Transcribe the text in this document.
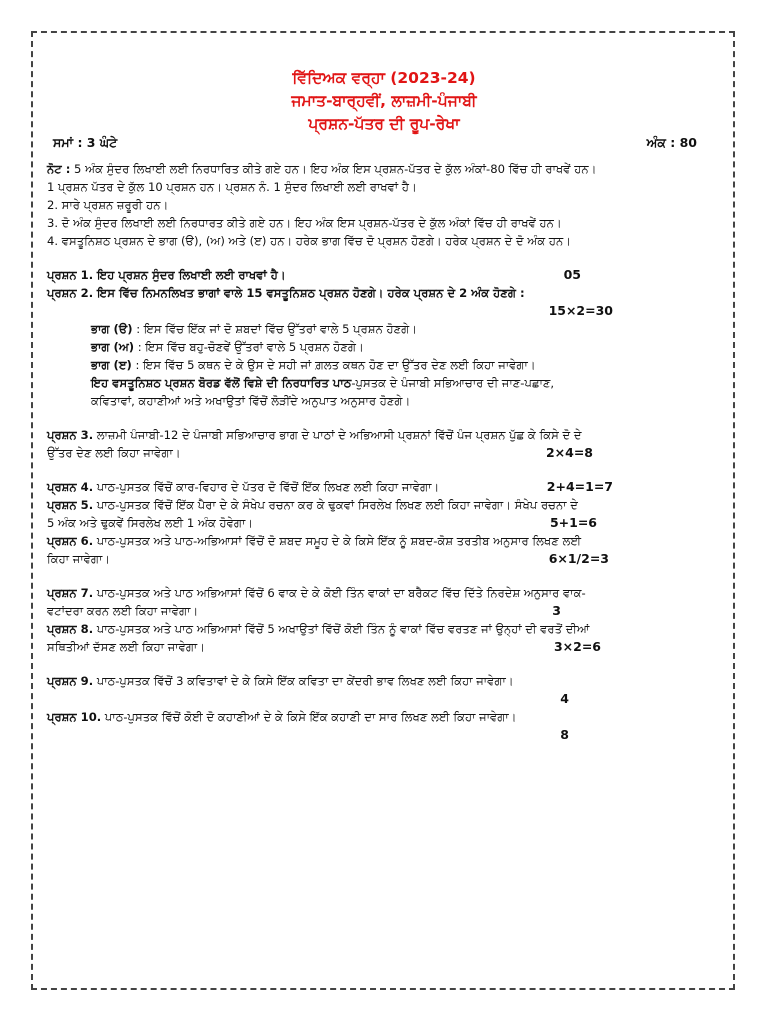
ਵਿੱਦਿਅਕ ਵਰ੍ਹਾ (2023-24)
ਜਮਾਤ-ਬਾਰ੍ਹਵੀਂ, ਲਾਜ਼ਮੀ-ਪੰਜਾਬੀ
ਪ੍ਰਸ਼ਨ-ਪੱਤਰ ਦੀ ਰੂਪ-ਰੇਖਾ
ਸਮਾਂ : 3 ਘੰਟੇ	ਅੰਕ : 80
ਨੋਟ : 5 ਅੰਕ ਸੁੰਦਰ ਲਿਖਾਈ ਲਈ ਨਿਰਧਾਰਿਤ ਕੀਤੇ ਗਏ ਹਨ। ਇਹ ਅੰਕ ਇਸ ਪ੍ਰਸ਼ਨ-ਪੱਤਰ ਦੇ ਕੁੱਲ ਅੰਕਾਂ-80 ਵਿੱਚ ਹੀ ਰਾਖਵੇਂ ਹਨ।
1 ਪ੍ਰਸ਼ਨ ਪੱਤਰ ਦੇ ਕੁੱਲ 10 ਪ੍ਰਸ਼ਨ ਹਨ। ਪ੍ਰਸ਼ਨ ਨੰ. 1 ਸੁੰਦਰ ਲਿਖਾਈ ਲਈ ਰਾਖਵਾਂ ਹੈ।
2. ਸਾਰੇ ਪ੍ਰਸ਼ਨ ਜ਼ਰੂਰੀ ਹਨ।
3. ਦੋ ਅੰਕ ਸੁੰਦਰ ਲਿਖਾਈ ਲਈ ਨਿਰਧਾਰਤ ਕੀਤੇ ਗਏ ਹਨ। ਇਹ ਅੰਕ ਇਸ ਪ੍ਰਸ਼ਨ-ਪੱਤਰ ਦੇ ਕੁੱਲ ਅੰਕਾਂ ਵਿੱਚ ਹੀ ਰਾਖਵੇਂ ਹਨ।
4. ਵਸਤੂਨਿਸ਼ਠ ਪ੍ਰਸ਼ਨ ਦੇ ਭਾਗ (ੳ), (ਅ) ਅਤੇ (ੲ) ਹਨ। ਹਰੇਕ ਭਾਗ ਵਿੱਚ ਦੋ ਪ੍ਰਸ਼ਨ ਹੋਣਗੇ। ਹਰੇਕ ਪ੍ਰਸ਼ਨ ਦੇ ਦੋ ਅੰਕ ਹਨ।
ਪ੍ਰਸ਼ਨ 1. ਇਹ ਪ੍ਰਸ਼ਨ ਸੁੰਦਰ ਲਿਖਾਈ ਲਈ ਰਾਖਵਾਂ ਹੈ।	05
ਪ੍ਰਸ਼ਨ 2. ਇਸ ਵਿੱਚ ਨਿਮਨਲਿਖਤ ਭਾਗਾਂ ਵਾਲੇ 15 ਵਸਤੂਨਿਸ਼ਠ ਪ੍ਰਸ਼ਨ ਹੋਣਗੇ। ਹਰੇਕ ਪ੍ਰਸ਼ਨ ਦੇ 2 ਅੰਕ ਹੋਣਗੇ :
15×2=30
ਭਾਗ (ੳ) : ਇਸ ਵਿੱਚ ਇੱਕ ਜਾਂ ਦੋ ਸ਼ਬਦਾਂ ਵਿੱਚ ਉੱਤਰਾਂ ਵਾਲੇ 5 ਪ੍ਰਸ਼ਨ ਹੋਣਗੇ।
ਭਾਗ (ਅ) : ਇਸ ਵਿੱਚ ਬਹੁ-ਚੋਣਵੇਂ ਉੱਤਰਾਂ ਵਾਲੇ 5 ਪ੍ਰਸ਼ਨ ਹੋਣਗੇ।
ਭਾਗ (ੲ) : ਇਸ ਵਿੱਚ 5 ਕਥਨ ਦੇ ਕੇ ਉਸ ਦੇ ਸਹੀ ਜਾਂ ਗ਼ਲਤ ਕਥਨ ਹੋਣ ਦਾ ਉੱਤਰ ਦੇਣ ਲਈ ਕਿਹਾ ਜਾਵੇਗਾ।
ਇਹ ਵਸਤੂਨਿਸ਼ਠ ਪ੍ਰਸ਼ਨ ਬੋਰਡ ਵੱਲੋਂ ਵਿਸ਼ੇ ਦੀ ਨਿਰਧਾਰਿਤ ਪਾਠ-ਪੁਸਤਕ ਦੇ ਪੰਜਾਬੀ ਸਭਿਆਚਾਰ ਦੀ ਜਾਣ-ਪਛਾਣ,
ਕਵਿਤਾਵਾਂ, ਕਹਾਣੀਆਂ ਅਤੇ ਅਖਾਉਤਾਂ ਵਿੱਚੋਂ ਲੋੜੀਂਦੇ ਅਨੁਪਾਤ ਅਨੁਸਾਰ ਹੋਣਗੇ।
ਪ੍ਰਸ਼ਨ 3. ਲਾਜ਼ਮੀ ਪੰਜਾਬੀ-12 ਦੇ ਪੰਜਾਬੀ ਸਭਿਆਚਾਰ ਭਾਗ ਦੇ ਪਾਠਾਂ ਦੇ ਅਭਿਆਸੀ ਪ੍ਰਸ਼ਨਾਂ ਵਿੱਚੋਂ ਪੰਜ ਪ੍ਰਸ਼ਨ ਪੁੱਛ ਕੇ ਕਿਸੇ ਦੋ ਦੇ
ਉੱਤਰ ਦੇਣ ਲਈ ਕਿਹਾ ਜਾਵੇਗਾ।	2×4=8
ਪ੍ਰਸ਼ਨ 4. ਪਾਠ-ਪੁਸਤਕ ਵਿੱਚੋਂ ਕਾਰ-ਵਿਹਾਰ ਦੇ ਪੱਤਰ ਦੋ ਵਿੱਚੋਂ ਇੱਕ ਲਿਖਣ ਲਈ ਕਿਹਾ ਜਾਵੇਗਾ।	2+4=1=7
ਪ੍ਰਸ਼ਨ 5. ਪਾਠ-ਪੁਸਤਕ ਵਿੱਚੋਂ ਇੱਕ ਪੈਰਾ ਦੇ ਕੇ ਸੰਖੇਪ ਰਚਨਾ ਕਰ ਕੇ ਢੁਕਵਾਂ ਸਿਰਲੇਖ ਲਿਖਣ ਲਈ ਕਿਹਾ ਜਾਵੇਗਾ। ਸੰਖੇਪ ਰਚਨਾ ਦੇ
5 ਅੰਕ ਅਤੇ ਢੁਕਵੇਂ ਸਿਰਲੇਖ ਲਈ 1 ਅੰਕ ਹੋਵੇਗਾ।	5+1=6
ਪ੍ਰਸ਼ਨ 6. ਪਾਠ-ਪੁਸਤਕ ਅਤੇ ਪਾਠ-ਅਭਿਆਸਾਂ ਵਿੱਚੋਂ ਦੋ ਸ਼ਬਦ ਸਮੂਹ ਦੇ ਕੇ ਕਿਸੇ ਇੱਕ ਨੂੰ ਸ਼ਬਦ-ਕੋਸ਼ ਤਰਤੀਬ ਅਨੁਸਾਰ ਲਿਖਣ ਲਈ
ਕਿਹਾ ਜਾਵੇਗਾ।	6×1/2=3
ਪ੍ਰਸ਼ਨ 7. ਪਾਠ-ਪੁਸਤਕ ਅਤੇ ਪਾਠ ਅਭਿਆਸਾਂ ਵਿੱਚੋਂ 6 ਵਾਕ ਦੇ ਕੇ ਕੋਈ ਤਿੰਨ ਵਾਕਾਂ ਦਾ ਬਰੈਕਟ ਵਿੱਚ ਦਿੱਤੇ ਨਿਰਦੇਸ਼ ਅਨੁਸਾਰ ਵਾਕ-
ਵਟਾਂਦਰਾ ਕਰਨ ਲਈ ਕਿਹਾ ਜਾਵੇਗਾ।	3
ਪ੍ਰਸ਼ਨ 8. ਪਾਠ-ਪੁਸਤਕ ਅਤੇ ਪਾਠ ਅਭਿਆਸਾਂ ਵਿੱਚੋਂ 5 ਅਖਾਉਤਾਂ ਵਿੱਚੋਂ ਕੋਈ ਤਿੰਨ ਨੂੰ ਵਾਕਾਂ ਵਿੱਚ ਵਰਤਣ ਜਾਂ ਉਨ੍ਹਾਂ ਦੀ ਵਰਤੋਂ ਦੀਆਂ
ਸਥਿਤੀਆਂ ਦੱਸਣ ਲਈ ਕਿਹਾ ਜਾਵੇਗਾ।	3×2=6
ਪ੍ਰਸ਼ਨ 9. ਪਾਠ-ਪੁਸਤਕ ਵਿੱਚੋਂ 3 ਕਵਿਤਾਵਾਂ ਦੇ ਕੇ ਕਿਸੇ ਇੱਕ ਕਵਿਤਾ ਦਾ ਕੇਂਦਰੀ ਭਾਵ ਲਿਖਣ ਲਈ ਕਿਹਾ ਜਾਵੇਗਾ।
4
ਪ੍ਰਸ਼ਨ 10. ਪਾਠ-ਪੁਸਤਕ ਵਿੱਚੋਂ ਕੋਈ ਦੋ ਕਹਾਣੀਆਂ ਦੇ ਕੇ ਕਿਸੇ ਇੱਕ ਕਹਾਣੀ ਦਾ ਸਾਰ ਲਿਖਣ ਲਈ ਕਿਹਾ ਜਾਵੇਗਾ।
8
